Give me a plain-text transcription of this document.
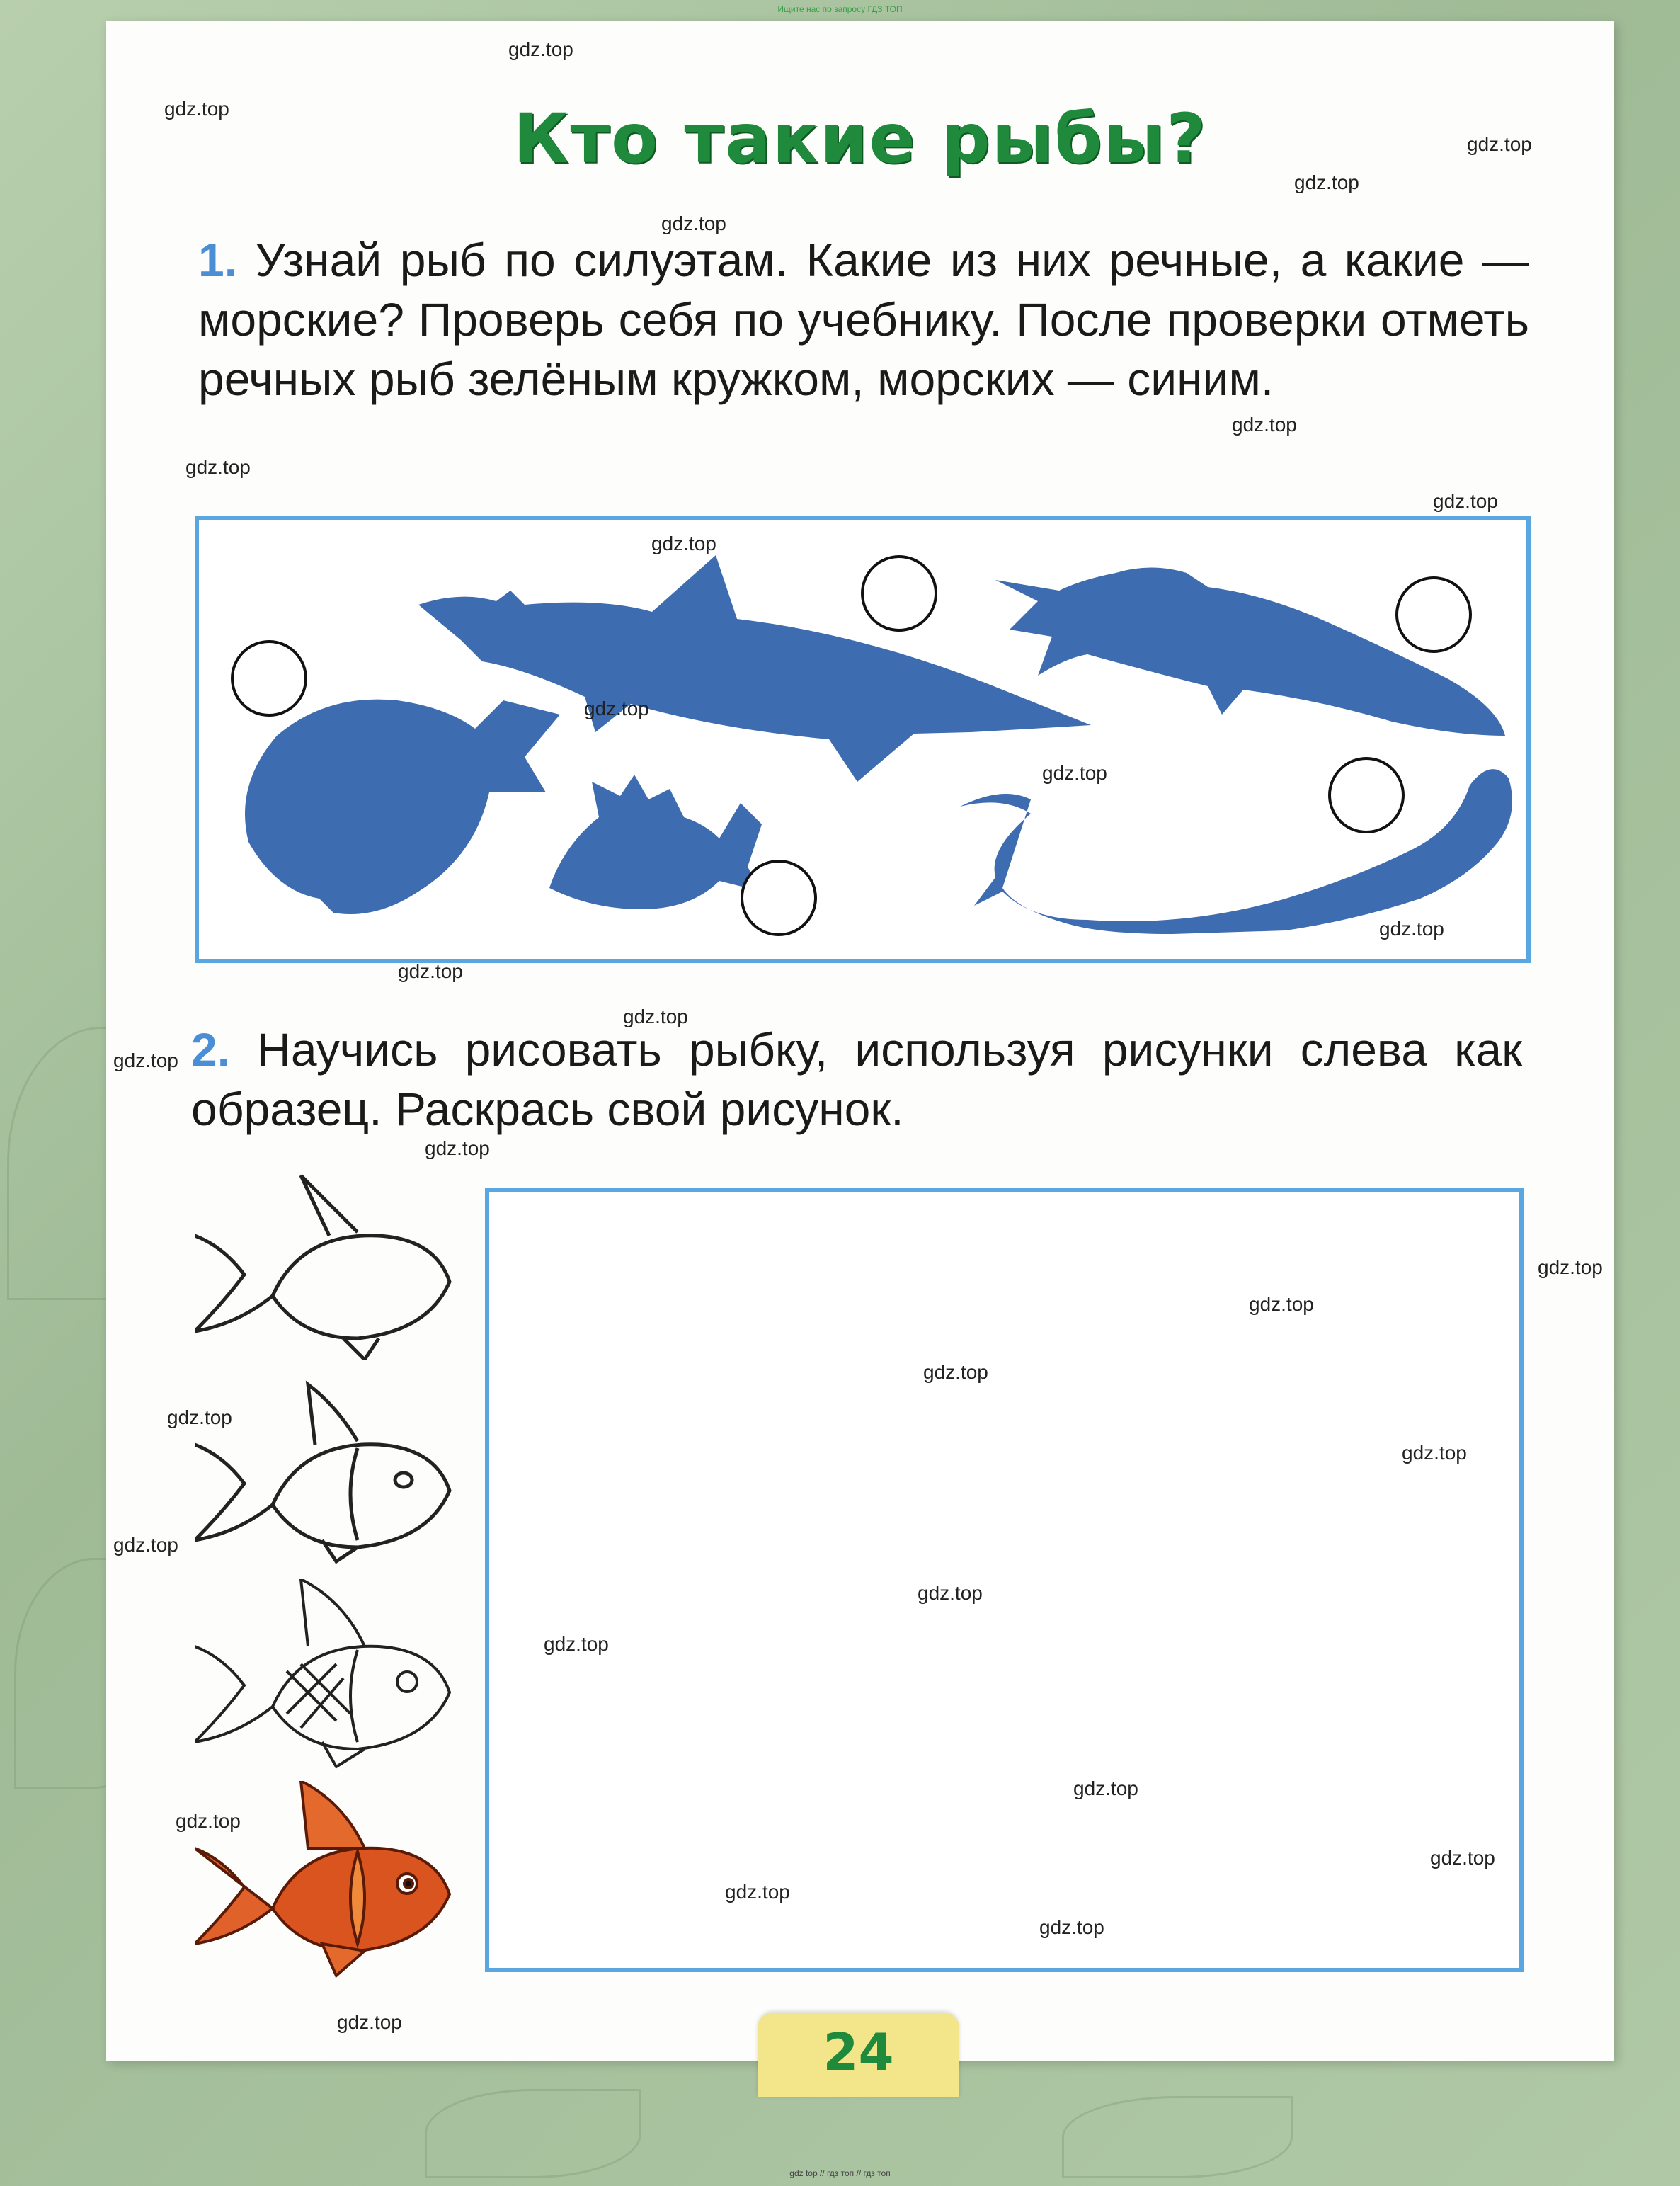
Ищите нас по запросу ГДЗ ТОП
Кто такие рыбы?
1. Узнай рыб по силуэтам. Какие из них речные, а какие — морские? Проверь себя по учебнику. После проверки отметь речных рыб зелёным кружком, морских — синим.
2. Научись рисовать рыбку, используя рисунки слева как образец. Раскрась свой рисунок.
24
gdz.top
gdz.top
gdz.top
gdz.top
gdz.top
gdz.top
gdz.top
gdz.top
gdz.top
gdz.top
gdz.top
gdz.top
gdz.top
gdz.top
gdz.top
gdz.top
gdz.top
gdz.top
gdz.top
gdz.top
gdz.top
gdz.top
gdz.top
gdz.top
gdz.top
gdz.top
gdz.top
gdz.top
gdz.top
gdz.top
gdz top // гдз топ // гдз топ
